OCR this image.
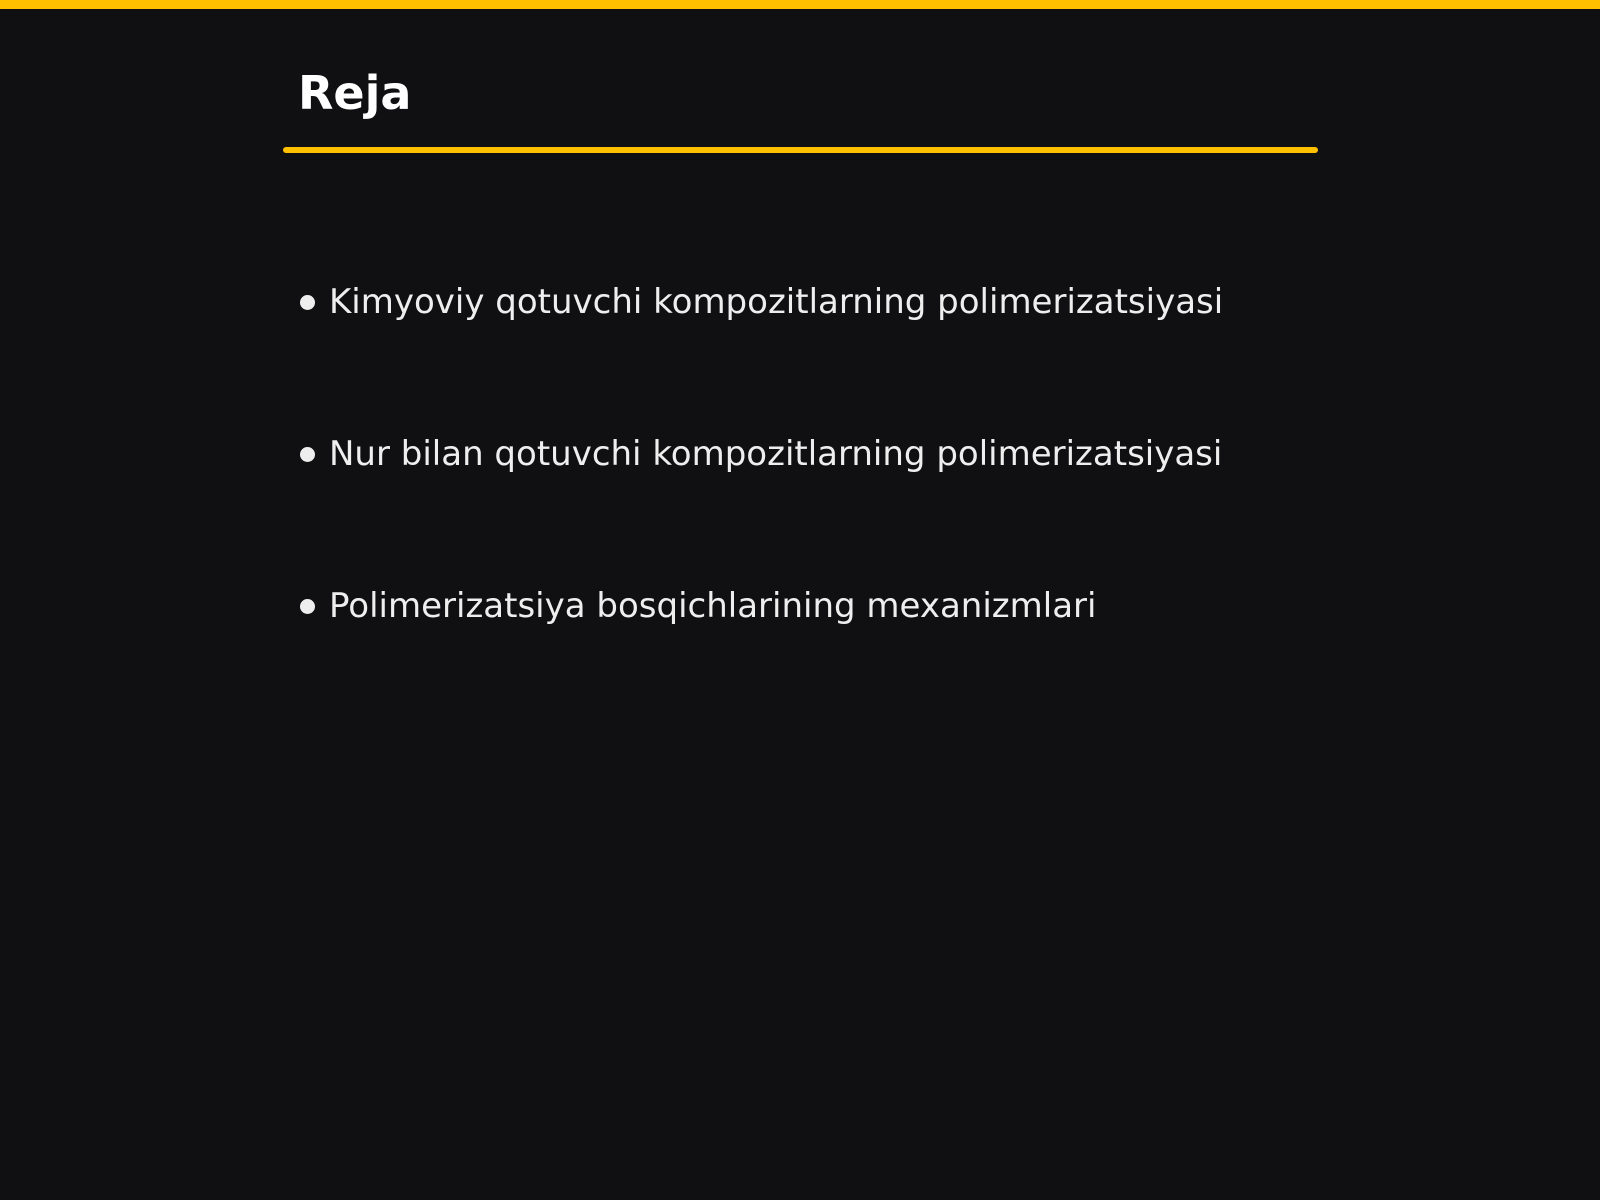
Reja
Kimyoviy qotuvchi kompozitlarning polimerizatsiyasi
Nur bilan qotuvchi kompozitlarning polimerizatsiyasi
Polimerizatsiya bosqichlarining mexanizmlari
